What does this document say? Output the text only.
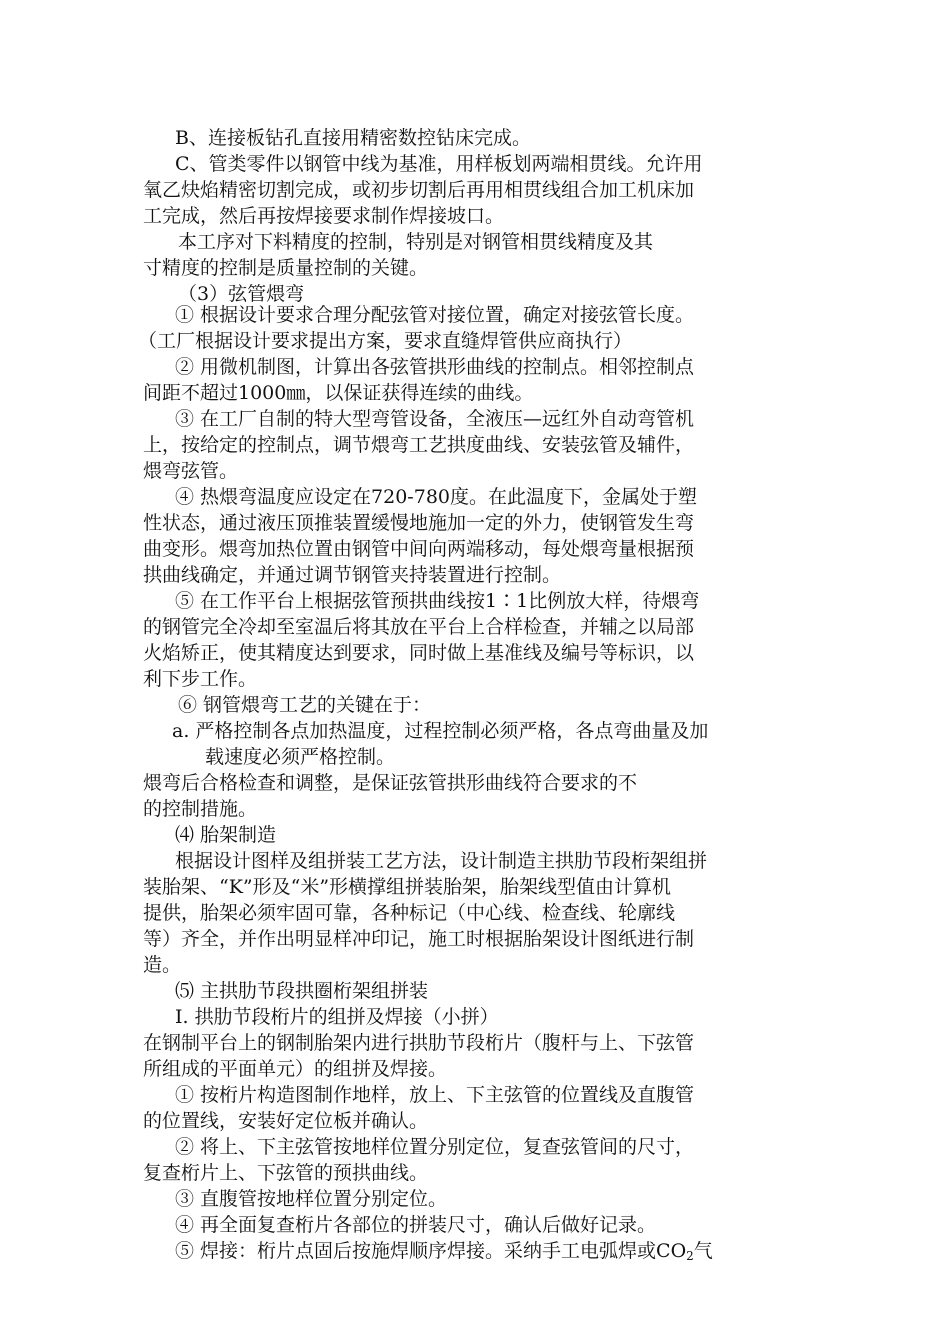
B、连接板钻孔直接用精密数控钻床完成。
C、管类零件以钢管中线为基准，用样板划两端相贯线。允许用
氧乙炔焰精密切割完成，或初步切割后再用相贯线组合加工机床加
工完成，然后再按焊接要求制作焊接坡口。
本工序对下料精度的控制，特别是对钢管相贯线精度及其
寸精度的控制是质量控制的关键。
（3）弦管煨弯
① 根据设计要求合理分配弦管对接位置，确定对接弦管长度。
（工厂根据设计要求提出方案，要求直缝焊管供应商执行）
② 用微机制图，计算出各弦管拱形曲线的控制点。相邻控制点
间距不超过1000㎜，以保证获得连续的曲线。
③ 在工厂自制的特大型弯管设备，全液压—远红外自动弯管机
上，按给定的控制点，调节煨弯工艺拱度曲线、安装弦管及辅件，
煨弯弦管。
④ 热煨弯温度应设定在720-780度。在此温度下，金属处于塑
性状态，通过液压顶推装置缓慢地施加一定的外力，使钢管发生弯
曲变形。煨弯加热位置由钢管中间向两端移动，每处煨弯量根据预
拱曲线确定，并通过调节钢管夹持装置进行控制。
⑤ 在工作平台上根据弦管预拱曲线按1∶1比例放大样，待煨弯
的钢管完全冷却至室温后将其放在平台上合样检查，并辅之以局部
火焰矫正，使其精度达到要求，同时做上基准线及编号等标识，以
利下步工作。
⑥ 钢管煨弯工艺的关键在于：
a. 严格控制各点加热温度，过程控制必须严格，各点弯曲量及加
载速度必须严格控制。
煨弯后合格检查和调整，是保证弦管拱形曲线符合要求的不
的控制措施。
⑷ 胎架制造
根据设计图样及组拼装工艺方法，设计制造主拱肋节段桁架组拼
装胎架、“K”形及“米”形横撑组拼装胎架，胎架线型值由计算机
提供，胎架必须牢固可靠，各种标记（中心线、检查线、轮廓线
等）齐全，并作出明显样冲印记，施工时根据胎架设计图纸进行制
造。
⑸ 主拱肋节段拱圈桁架组拼装
Ⅰ. 拱肋节段桁片的组拼及焊接（小拼）
在钢制平台上的钢制胎架内进行拱肋节段桁片（腹杆与上、下弦管
所组成的平面单元）的组拼及焊接。
① 按桁片构造图制作地样，放上、下主弦管的位置线及直腹管
的位置线，安装好定位板并确认。
② 将上、下主弦管按地样位置分别定位，复查弦管间的尺寸，
复查桁片上、下弦管的预拱曲线。
③ 直腹管按地样位置分别定位。
④ 再全面复查桁片各部位的拼装尺寸，确认后做好记录。
⑤ 焊接：桁片点固后按施焊顺序焊接。采纳手工电弧焊或$CO_2$气
